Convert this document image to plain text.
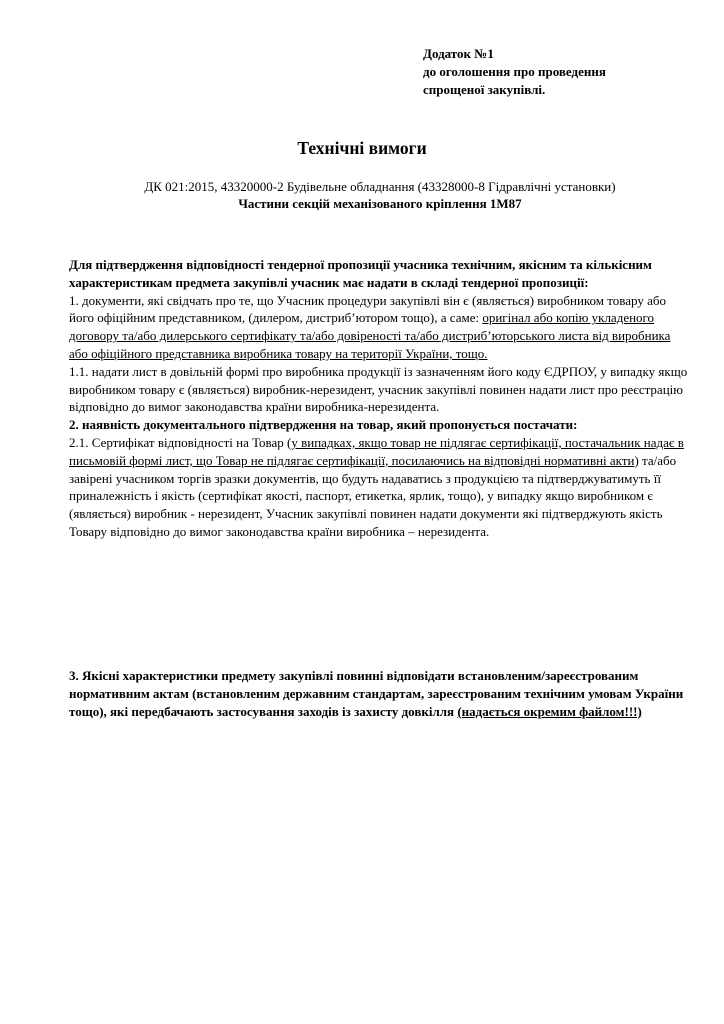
Додаток №1
до оголошення про проведення
спрощеної закупівлі.
Технічні вимоги
ДК 021:2015, 43320000-2 Будівельне обладнання (43328000-8 Гідравлічні установки)
Частини секцій механізованого кріплення 1М87

Для підтвердження відповідності тендерної пропозиції учасника технічним, якісним та кількісним характеристикам предмета закупівлі учасник має надати в складі тендерної пропозиції:

1. документи, які свідчать про те, що Учасник процедури закупівлі він є (являється) виробником товару або його офіційним представником, (дилером, дистриб’ютором тощо), а саме: оригінал або копію укладеного договору та/або дилерського сертифікату та/або довіреності та/або дистриб’юторського листа від виробника або офіційного представника виробника товару на території України, тощо.

1.1. надати лист в довільній формі про виробника продукції із зазначенням його коду ЄДРПОУ, у випадку якщо виробником товару є (являється) виробник-нерезидент, учасник закупівлі повинен надати лист про реєстрацію відповідно до вимог законодавства країни виробника-нерезидента.

2. наявність документального підтвердження на товар, який пропонується постачати:

2.1. Сертифікат відповідності на Товар (у випадках, якщо товар не підлягає сертифікації, постачальник надає в письмовій формі лист, що Товар не підлягає сертифікації, посилаючись на відповідні нормативні акти) та/або завірені учасником торгів зразки документів, що будуть надаватись з продукцією та підтверджуватимуть її приналежність і якість (сертифікат якості, паспорт, етикетка, ярлик, тощо), у випадку якщо виробником є (являється) виробник - нерезидент, Учасник закупівлі повинен надати документи які підтверджують якість Товару відповідно до вимог законодавства країни виробника – нерезидента.

3. Якісні характеристики предмету закупівлі повинні відповідати встановленим/зареєстрованим нормативним актам (встановленим державним стандартам, зареєстрованим технічним умовам України тощо), які передбачають застосування заходів із захисту довкілля (надається окремим файлом!!!)
